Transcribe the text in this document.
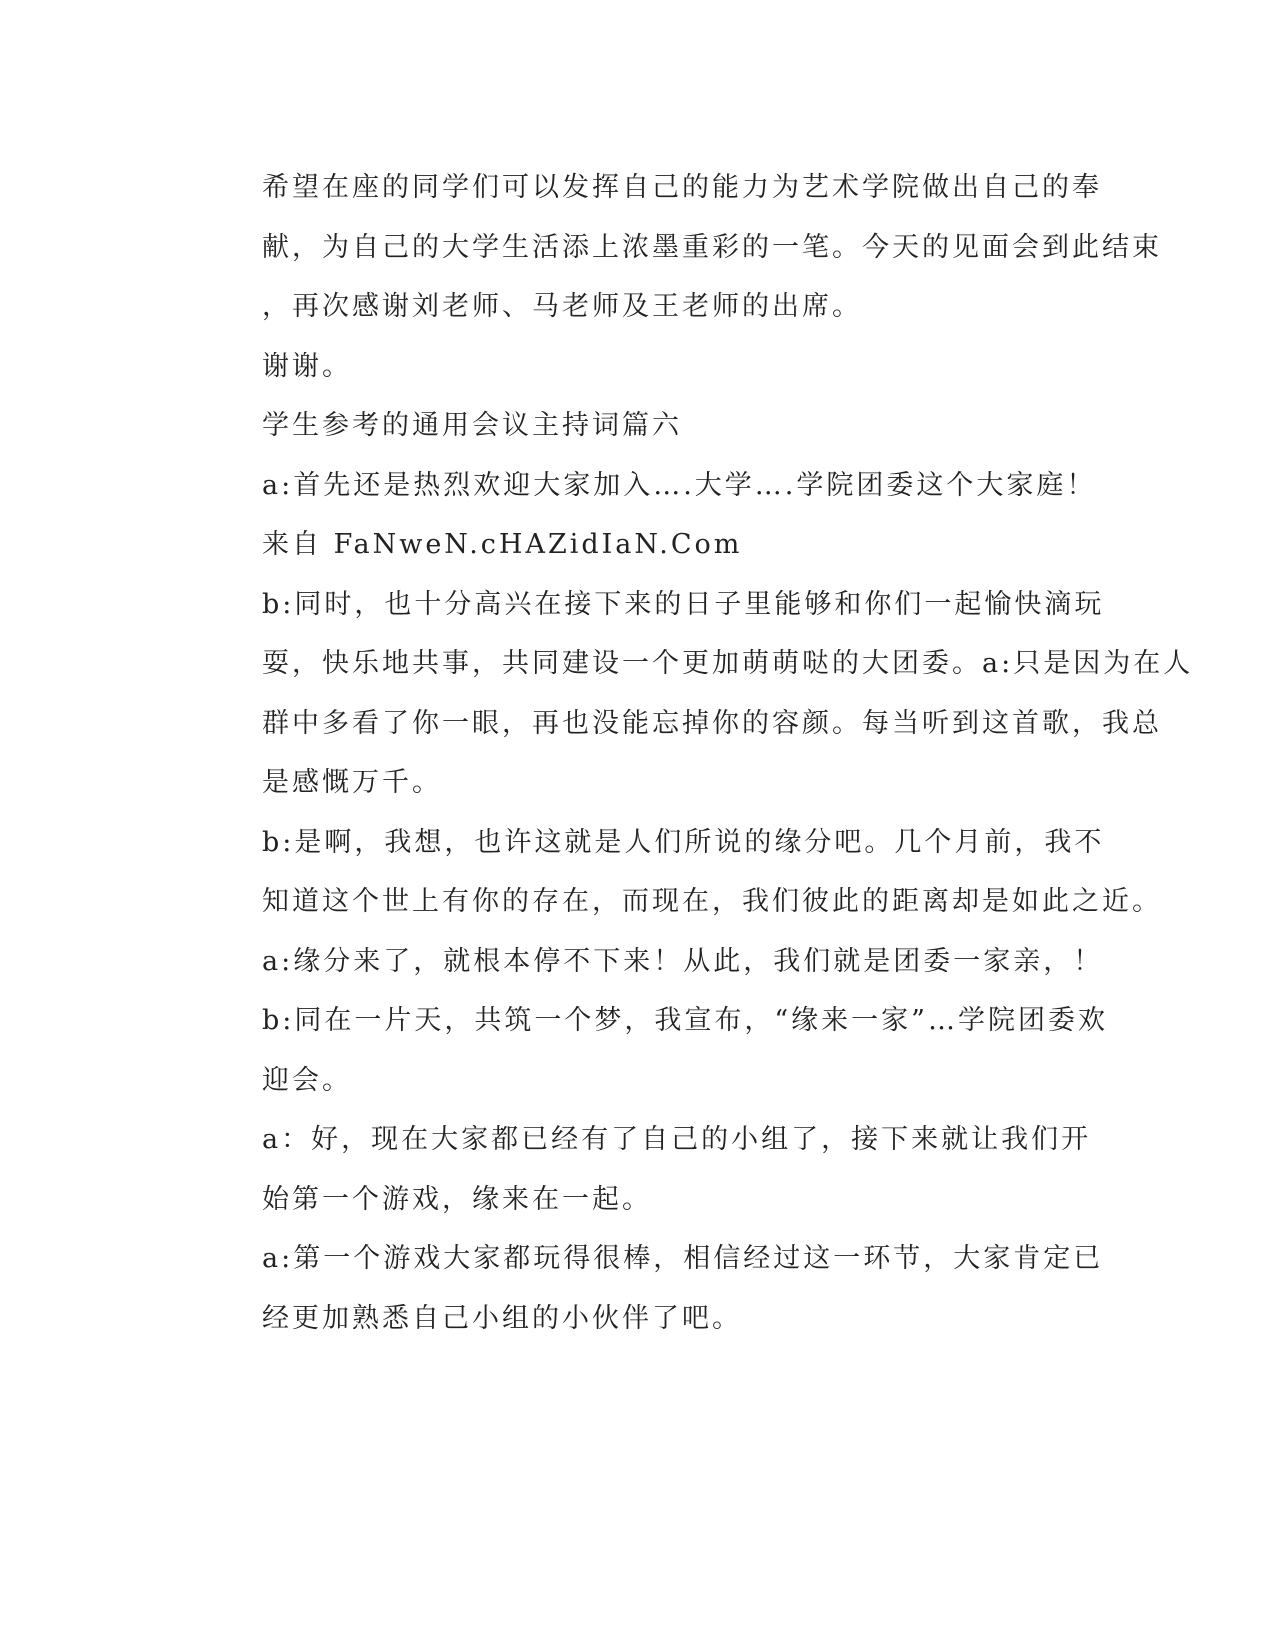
希望在座的同学们可以发挥自己的能力为艺术学院做出自己的奉
献，为自己的大学生活添上浓墨重彩的一笔。今天的见面会到此结束
，再次感谢刘老师、马老师及王老师的出席。

谢谢。

学生参考的通用会议主持词篇六

a:首先还是热烈欢迎大家加入….大学….学院团委这个大家庭！

来自 FaNweN.cHAZidIaN.Com

b:同时，也十分高兴在接下来的日子里能够和你们一起愉快滴玩
耍，快乐地共事，共同建设一个更加萌萌哒的大团委。a:只是因为在人
群中多看了你一眼，再也没能忘掉你的容颜。每当听到这首歌，我总
是感慨万千。

b:是啊，我想，也许这就是人们所说的缘分吧。几个月前，我不
知道这个世上有你的存在，而现在，我们彼此的距离却是如此之近。

a:缘分来了，就根本停不下来！从此，我们就是团委一家亲，！

b:同在一片天，共筑一个梦，我宣布，“缘来一家”…学院团委欢
迎会。

a：好，现在大家都已经有了自己的小组了，接下来就让我们开
始第一个游戏，缘来在一起。

a:第一个游戏大家都玩得很棒，相信经过这一环节，大家肯定已
经更加熟悉自己小组的小伙伴了吧。
